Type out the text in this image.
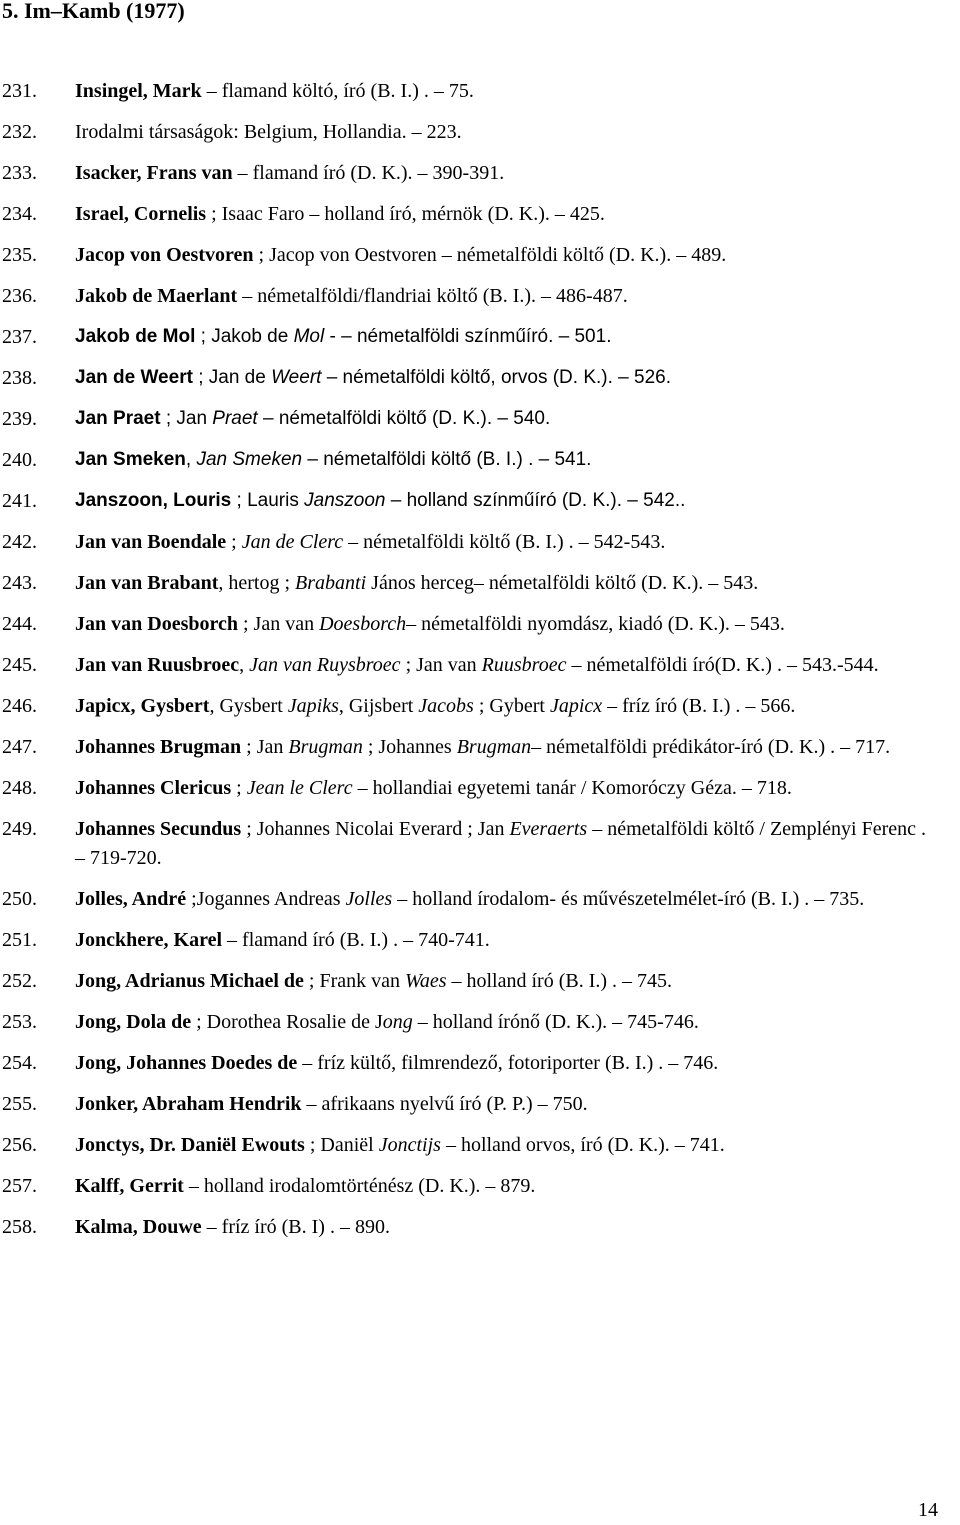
5. Im–Kamb (1977)
231.	Insingel, Mark – flamand költó, író (B. I.) . – 75.
232.	Irodalmi társaságok: Belgium, Hollandia. – 223.
233.	Isacker, Frans van – flamand író (D. K.). – 390-391.
234.	Israel, Cornelis ; Isaac Faro – holland író, mérnök (D. K.). – 425.
235.	Jacop von Oestvoren ; Jacop von Oestvoren – németalföldi költő (D. K.). – 489.
236.	Jakob de Maerlant – németalföldi/flandriai költő (B. I.). – 486-487.
237.	Jakob de Mol ; Jakob de Mol - – németalföldi színműíró. – 501.
238.	Jan de Weert ; Jan de Weert – németalföldi költő, orvos (D. K.). – 526.
239.	Jan Praet ; Jan Praet – németalföldi költő (D. K.). – 540.
240.	Jan Smeken, Jan Smeken – németalföldi költő (B. I.) . – 541.
241.	Janszoon, Louris ; Lauris Janszoon – holland színműíró (D. K.). – 542..
242.	Jan van Boendale ; Jan de Clerc – németalföldi költő (B. I.) . – 542-543.
243.	Jan van Brabant, hertog ; Brabanti János herceg– németalföldi költő (D. K.). – 543.
244.	Jan van Doesborch ; Jan van Doesborch– németalföldi nyomdász, kiadó (D. K.). – 543.
245.	Jan van Ruusbroec, Jan van Ruysbroec ; Jan van Ruusbroec – németalföldi író(D. K.) . – 543.-544.
246.	Japicx, Gysbert, Gysbert Japiks, Gijsbert Jacobs ; Gybert Japicx – fríz író (B. I.) . – 566.
247.	Johannes Brugman ; Jan Brugman ; Johannes Brugman– németalföldi prédikátor-író (D. K.) . – 717.
248.	Johannes Clericus ; Jean le Clerc – hollandiai egyetemi tanár / Komoróczy Géza. – 718.
249.	Johannes Secundus ; Johannes Nicolai Everard ; Jan Everaerts – németalföldi költő / Zemplényi Ferenc . – 719-720.
250.	Jolles, André ;Jogannes Andreas Jolles – holland írodalom- és művészetelmélet-író (B. I.) . – 735.
251.	Jonckhere, Karel – flamand író (B. I.) . – 740-741.
252.	Jong, Adrianus Michael de ; Frank van Waes – holland író (B. I.) . – 745.
253.	Jong, Dola de ; Dorothea Rosalie de Jong – holland írónő (D. K.). – 745-746.
254.	Jong, Johannes Doedes de – fríz kültő, filmrendező, fotoriporter (B. I.) . – 746.
255.	Jonker, Abraham Hendrik – afrikaans nyelvű író (P. P.) – 750.
256.	Jonctys, Dr. Daniël Ewouts ; Daniël Jonctijs – holland orvos, író (D. K.). – 741.
257.	Kalff, Gerrit – holland irodalomtörténész (D. K.). – 879.
258.	Kalma, Douwe – fríz író (B. I) . – 890.

14
